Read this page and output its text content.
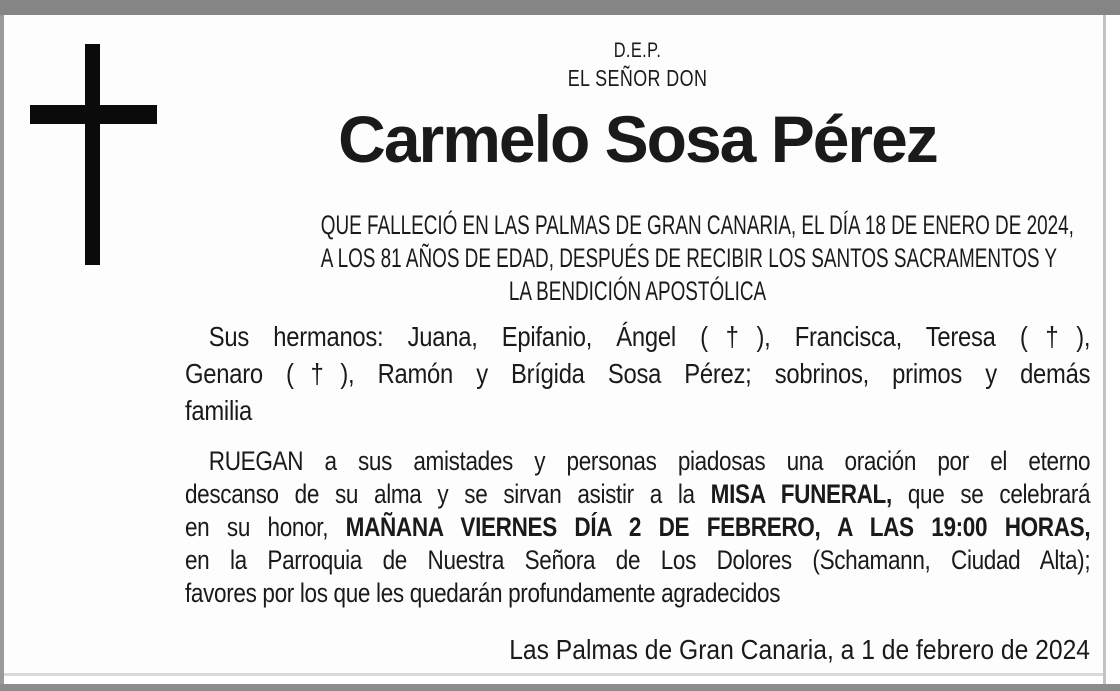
D.E.P.
EL SEÑOR DON
Carmelo Sosa Pérez
QUE FALLECIÓ EN LAS PALMAS DE GRAN CANARIA, EL DÍA 18 DE ENERO DE 2024,
A LOS 81 AÑOS DE EDAD, DESPUÉS DE RECIBIR LOS SANTOS SACRAMENTOS Y
LA BENDICIÓN APOSTÓLICA
Sus hermanos: Juana, Epifanio, Ángel (†), Francisca, Teresa (†),
Genaro (†), Ramón y Brígida Sosa Pérez; sobrinos, primos y demás
familia
RUEGAN a sus amistades y personas piadosas una oración por el eterno
descanso de su alma y se sirvan asistir a la MISA FUNERAL, que se celebrará
en su honor, MAÑANA VIERNES DÍA 2 DE FEBRERO, A LAS 19:00 HORAS,
en la Parroquia de Nuestra Señora de Los Dolores (Schamann, Ciudad Alta);
favores por los que les quedarán profundamente agradecidos
Las Palmas de Gran Canaria, a 1 de febrero de 2024
